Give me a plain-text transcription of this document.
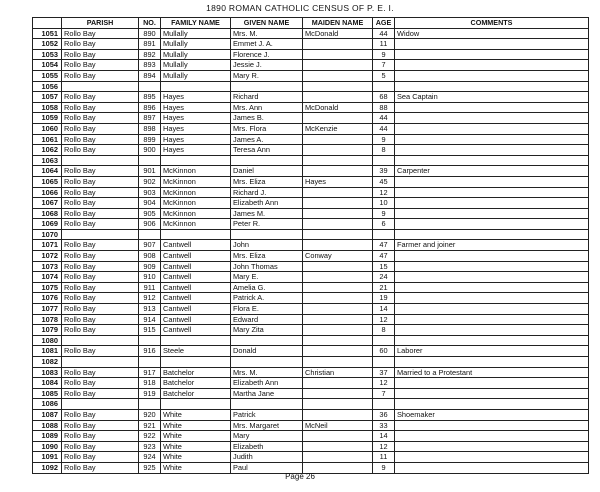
1890 ROMAN CATHOLIC CENSUS OF P. E. I.
	PARISH	NO.	FAMILY NAME	GIVEN NAME	MAIDEN NAME	AGE	COMMENTS
1051	Rollo Bay	890	Mullally	Mrs. M.	McDonald	44	Widow
1052	Rollo Bay	891	Mullally	Emmet J. A.		11	
1053	Rollo Bay	892	Mullally	Florence J.		9	
1054	Rollo Bay	893	Mullally	Jessie J.		7	
1055	Rollo Bay	894	Mullally	Mary R.		5	
1056							
1057	Rollo Bay	895	Hayes	Richard		68	Sea Captain
1058	Rollo Bay	896	Hayes	Mrs. Ann	McDonald	88	
1059	Rollo Bay	897	Hayes	James B.		44	
1060	Rollo Bay	898	Hayes	Mrs. Flora	McKenzie	44	
1061	Rollo Bay	899	Hayes	James A.		9	
1062	Rollo Bay	900	Hayes	Teresa Ann		8	
1063							
1064	Rollo Bay	901	McKinnon	Daniel		39	Carpenter
1065	Rollo Bay	902	McKinnon	Mrs. Eliza	Hayes	45	
1066	Rollo Bay	903	McKinnon	Richard J.		12	
1067	Rollo Bay	904	McKinnon	Elizabeth Ann		10	
1068	Rollo Bay	905	McKinnon	James M.		9	
1069	Rollo Bay	906	McKinnon	Peter R.		6	
1070							
1071	Rollo Bay	907	Cantwell	John		47	Farmer and joiner
1072	Rollo Bay	908	Cantwell	Mrs. Eliza	Conway	47	
1073	Rollo Bay	909	Cantwell	John Thomas		15	
1074	Rollo Bay	910	Cantwell	Mary E.		24	
1075	Rollo Bay	911	Cantwell	Amelia G.		21	
1076	Rollo Bay	912	Cantwell	Patrick A.		19	
1077	Rollo Bay	913	Cantwell	Flora E.		14	
1078	Rollo Bay	914	Cantwell	Edward		12	
1079	Rollo Bay	915	Cantwell	Mary Zita		8	
1080							
1081	Rollo Bay	916	Steele	Donald		60	Laborer
1082							
1083	Rollo Bay	917	Batchelor	Mrs. M.	Christian	37	Married to a Protestant
1084	Rollo Bay	918	Batchelor	Elizabeth Ann		12	
1085	Rollo Bay	919	Batchelor	Martha Jane		7	
1086							
1087	Rollo Bay	920	White	Patrick		36	Shoemaker
1088	Rollo Bay	921	White	Mrs. Margaret	McNeil	33	
1089	Rollo Bay	922	White	Mary		14	
1090	Rollo Bay	923	White	Elizabeth		12	
1091	Rollo Bay	924	White	Judith		11	
1092	Rollo Bay	925	White	Paul		9	
Page 26
